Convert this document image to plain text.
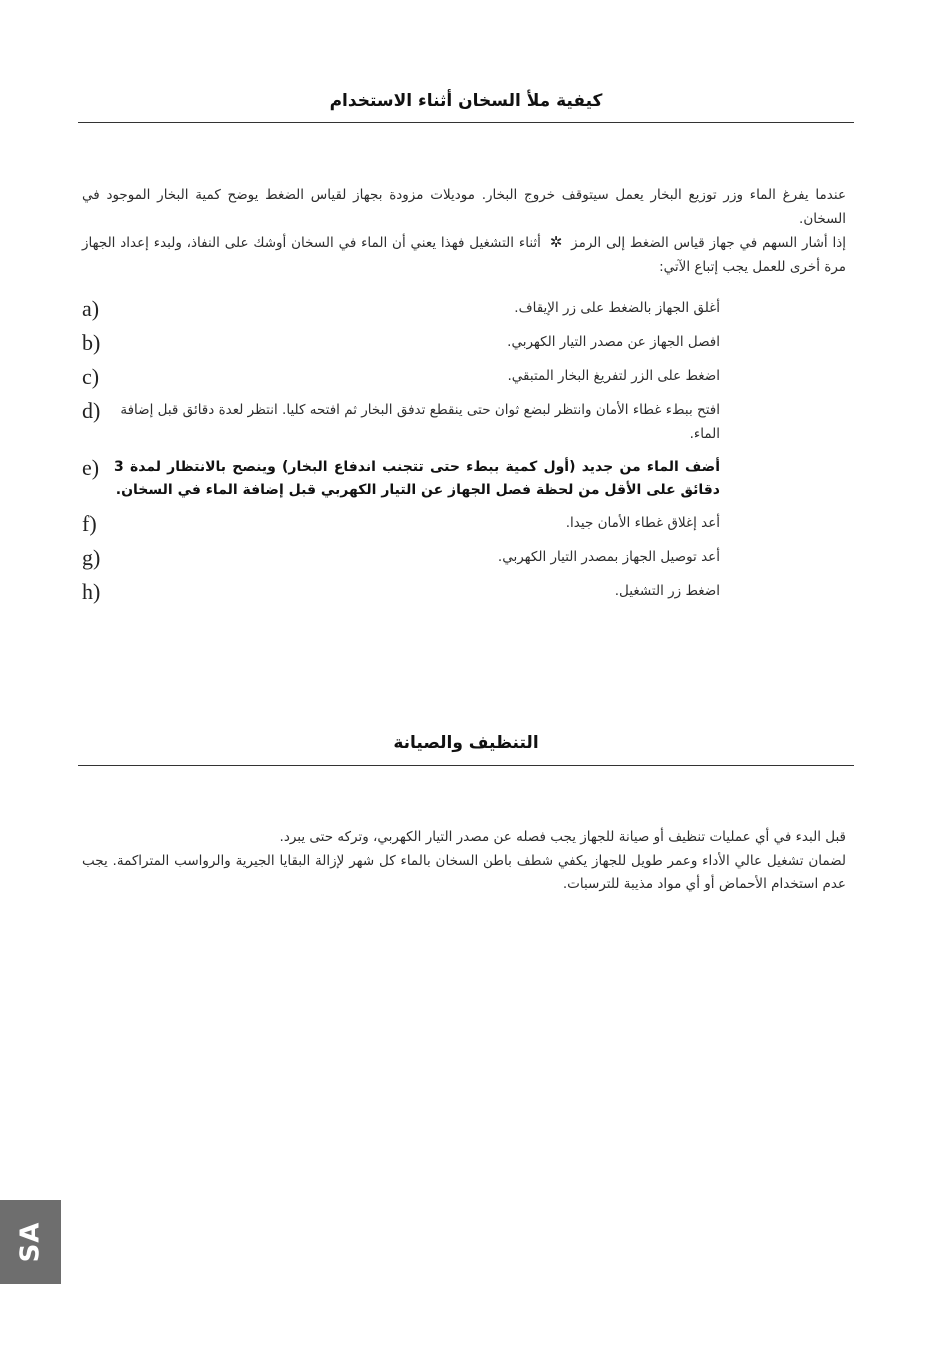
كيفية ملأ السخان أثناء الاستخدام

عندما يفرغ الماء وزر توزيع البخار يعمل سيتوقف خروج البخار. موديلات مزودة بجهاز لقياس الضغط يوضح كمية البخار الموجود في السخان.
إذا أشار السهم في جهاز قياس الضغط إلى الرمز ✲ أثناء التشغيل فهذا يعني أن الماء في السخان أوشك على النفاذ، ولبدء إعداد الجهاز مرة أخرى للعمل يجب إتباع الآتي:

أغلق الجهاز بالضغط على زر الإيقاف.
a)
افصل الجهاز عن مصدر التيار الكهربي.
b)
اضغط على الزر لتفريغ البخار المتبقي.
c)
افتح ببطء غطاء الأمان وانتظر لبضع ثوان حتى ينقطع تدفق البخار ثم افتحه كليا. انتظر لعدة دقائق قبل إضافة الماء.
d)
أضف الماء من جديد (أول كمية ببطء حتى تتجنب اندفاع البخار) وينصح بالانتظار لمدة 3 دقائق على الأقل من لحظة فصل الجهاز عن التيار الكهربي قبل إضافة الماء في السخان.
e)
أعد إغلاق غطاء الأمان جيدا.
f)
أعد توصيل الجهاز بمصدر التيار الكهربي.
g)
اضغط زر التشغيل.
h)
التنظيف والصيانة

قبل البدء في أي عمليات تنظيف أو صيانة للجهاز يجب فصله عن مصدر التيار الكهربي، وتركه حتى يبرد.

لضمان تشغيل عالي الأداء وعمر طويل للجهاز يكفي شطف باطن السخان بالماء كل شهر لإزالة البقايا الجيرية والرواسب المتراكمة. يجب عدم استخدام الأحماض أو أي مواد مذيبة للترسبات.

SA
